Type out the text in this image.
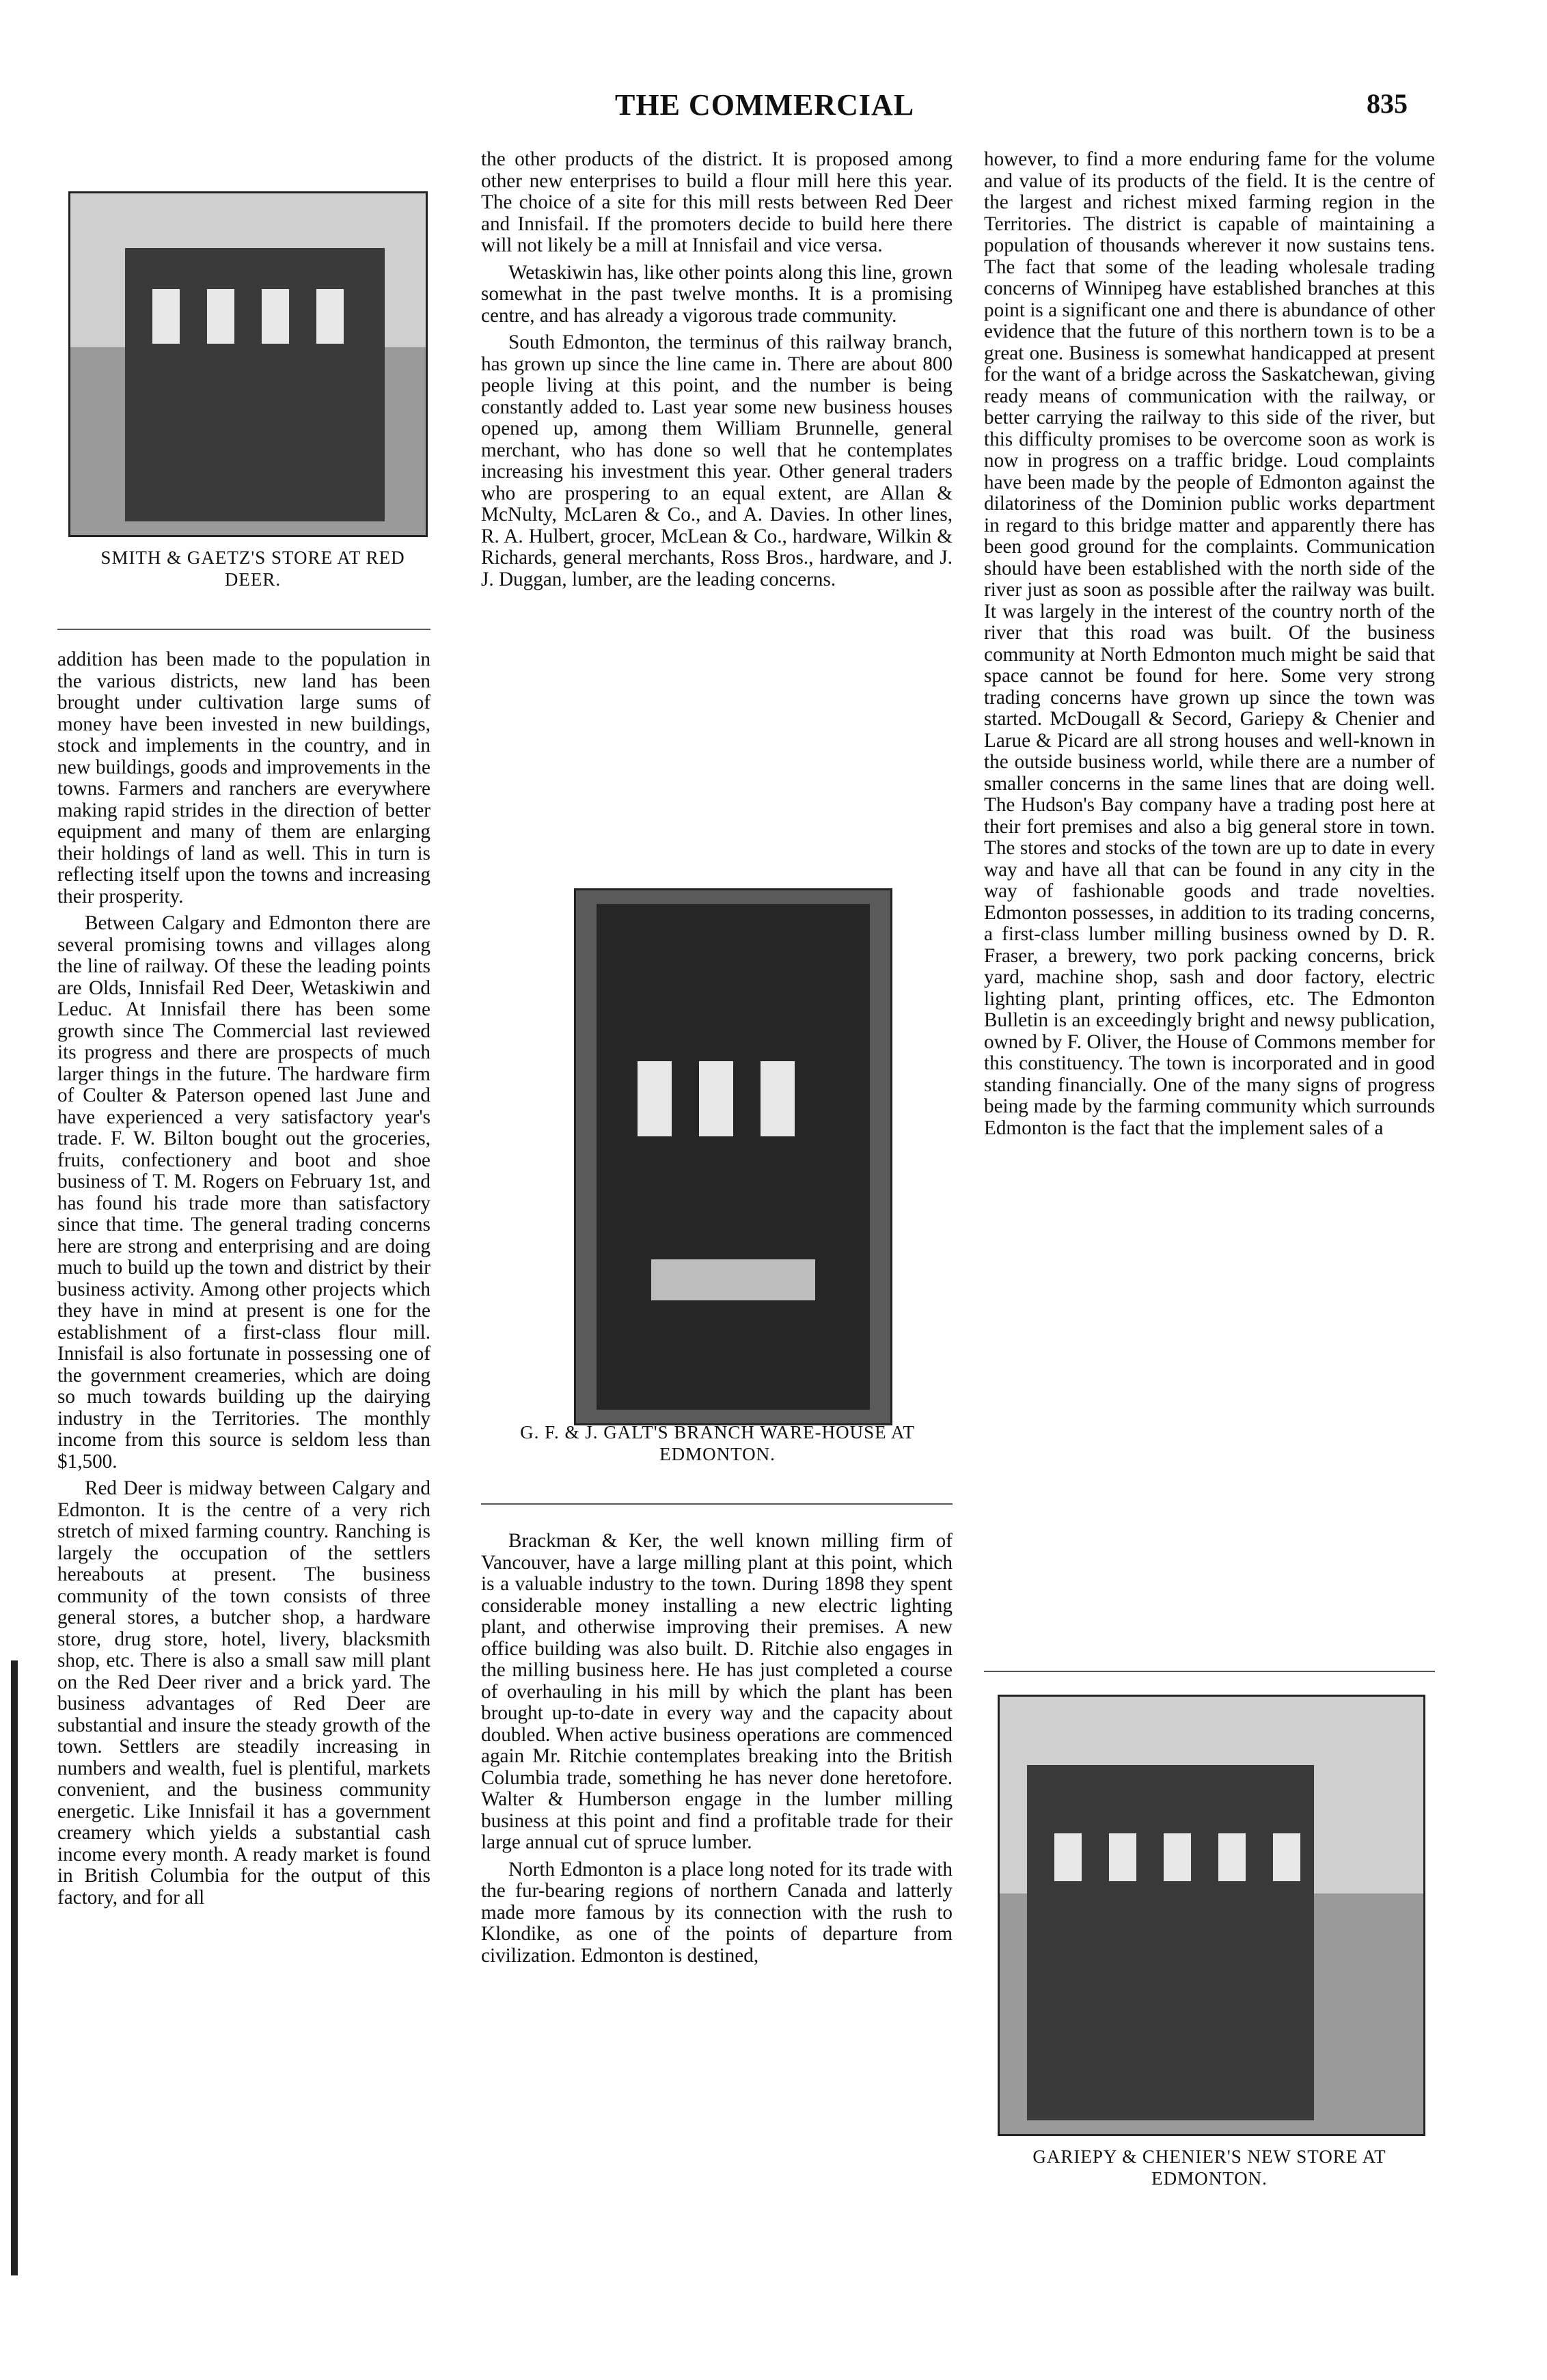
THE COMMERCIAL	835
SMITH & GAETZ'S STORE AT RED DEER.

addition has been made to the population in the various districts, new land has been brought under cultivation large sums of money have been invested in new buildings, stock and implements in the country, and in new buildings, goods and improvements in the towns. Farmers and ranchers are everywhere making rapid strides in the direction of better equipment and many of them are enlarging their holdings of land as well. This in turn is reflecting itself upon the towns and increasing their prosperity.

Between Calgary and Edmonton there are several promising towns and villages along the line of railway. Of these the leading points are Olds, Innisfail Red Deer, Wetaskiwin and Leduc. At Innisfail there has been some growth since The Commercial last reviewed its progress and there are prospects of much larger things in the future. The hardware firm of Coulter & Paterson opened last June and have experienced a very satisfactory year's trade. F. W. Bilton bought out the groceries, fruits, confectionery and boot and shoe business of T. M. Rogers on February 1st, and has found his trade more than satisfactory since that time. The general trading concerns here are strong and enterprising and are doing much to build up the town and district by their business activity. Among other projects which they have in mind at present is one for the establishment of a first-class flour mill. Innisfail is also fortunate in possessing one of the government creameries, which are doing so much towards building up the dairying industry in the Territories. The monthly income from this source is seldom less than $1,500.

Red Deer is midway between Calgary and Edmonton. It is the centre of a very rich stretch of mixed farming country. Ranching is largely the occupation of the settlers hereabouts at present. The business community of the town consists of three general stores, a butcher shop, a hardware store, drug store, hotel, livery, blacksmith shop, etc. There is also a small saw mill plant on the Red Deer river and a brick yard. The business advantages of Red Deer are substantial and insure the steady growth of the town. Settlers are steadily increasing in numbers and wealth, fuel is plentiful, markets convenient, and the business community energetic. Like Innisfail it has a government creamery which yields a substantial cash income every month. A ready market is found in British Columbia for the output of this factory, and for all

the other products of the district. It is proposed among other new enterprises to build a flour mill here this year. The choice of a site for this mill rests between Red Deer and Innisfail. If the promoters decide to build here there will not likely be a mill at Innisfail and vice versa.

Wetaskiwin has, like other points along this line, grown somewhat in the past twelve months. It is a promising centre, and has already a vigorous trade community.

South Edmonton, the terminus of this railway branch, has grown up since the line came in. There are about 800 people living at this point, and the number is being constantly added to. Last year some new business houses opened up, among them William Brunnelle, general merchant, who has done so well that he contemplates increasing his investment this year. Other general traders who are prospering to an equal extent, are Allan & McNulty, McLaren & Co., and A. Davies. In other lines, R. A. Hulbert, grocer, McLean & Co., hardware, Wilkin & Richards, general merchants, Ross Bros., hardware, and J. J. Duggan, lumber, are the leading concerns.

G. F. & J. GALT'S BRANCH WARE-HOUSE AT EDMONTON.

Brackman & Ker, the well known milling firm of Vancouver, have a large milling plant at this point, which is a valuable industry to the town. During 1898 they spent considerable money installing a new electric lighting plant, and otherwise improving their premises. A new office building was also built. D. Ritchie also engages in the milling business here. He has just completed a course of overhauling in his mill by which the plant has been brought up-to-date in every way and the capacity about doubled. When active business operations are commenced again Mr. Ritchie contemplates breaking into the British Columbia trade, something he has never done heretofore. Walter & Humberson engage in the lumber milling business at this point and find a profitable trade for their large annual cut of spruce lumber.

North Edmonton is a place long noted for its trade with the fur-bearing regions of northern Canada and latterly made more famous by its connection with the rush to Klondike, as one of the points of departure from civilization. Edmonton is destined,

however, to find a more enduring fame for the volume and value of its products of the field. It is the centre of the largest and richest mixed farming region in the Territories. The district is capable of maintaining a population of thousands wherever it now sustains tens. The fact that some of the leading wholesale trading concerns of Winnipeg have established branches at this point is a significant one and there is abundance of other evidence that the future of this northern town is to be a great one. Business is somewhat handicapped at present for the want of a bridge across the Saskatchewan, giving ready means of communication with the railway, or better carrying the railway to this side of the river, but this difficulty promises to be overcome soon as work is now in progress on a traffic bridge. Loud complaints have been made by the people of Edmonton against the dilatoriness of the Dominion public works department in regard to this bridge matter and apparently there has been good ground for the complaints. Communication should have been established with the north side of the river just as soon as possible after the railway was built. It was largely in the interest of the country north of the river that this road was built. Of the business community at North Edmonton much might be said that space cannot be found for here. Some very strong trading concerns have grown up since the town was started. McDougall & Secord, Gariepy & Chenier and Larue & Picard are all strong houses and well-known in the outside business world, while there are a number of smaller concerns in the same lines that are doing well. The Hudson's Bay company have a trading post here at their fort premises and also a big general store in town. The stores and stocks of the town are up to date in every way and have all that can be found in any city in the way of fashionable goods and trade novelties. Edmonton possesses, in addition to its trading concerns, a first-class lumber milling business owned by D. R. Fraser, a brewery, two pork packing concerns, brick yard, machine shop, sash and door factory, electric lighting plant, printing offices, etc. The Edmonton Bulletin is an exceedingly bright and newsy publication, owned by F. Oliver, the House of Commons member for this constituency. The town is incorporated and in good standing financially. One of the many signs of progress being made by the farming community which surrounds Edmonton is the fact that the implement sales of a

GARIEPY & CHENIER'S NEW STORE AT EDMONTON.
